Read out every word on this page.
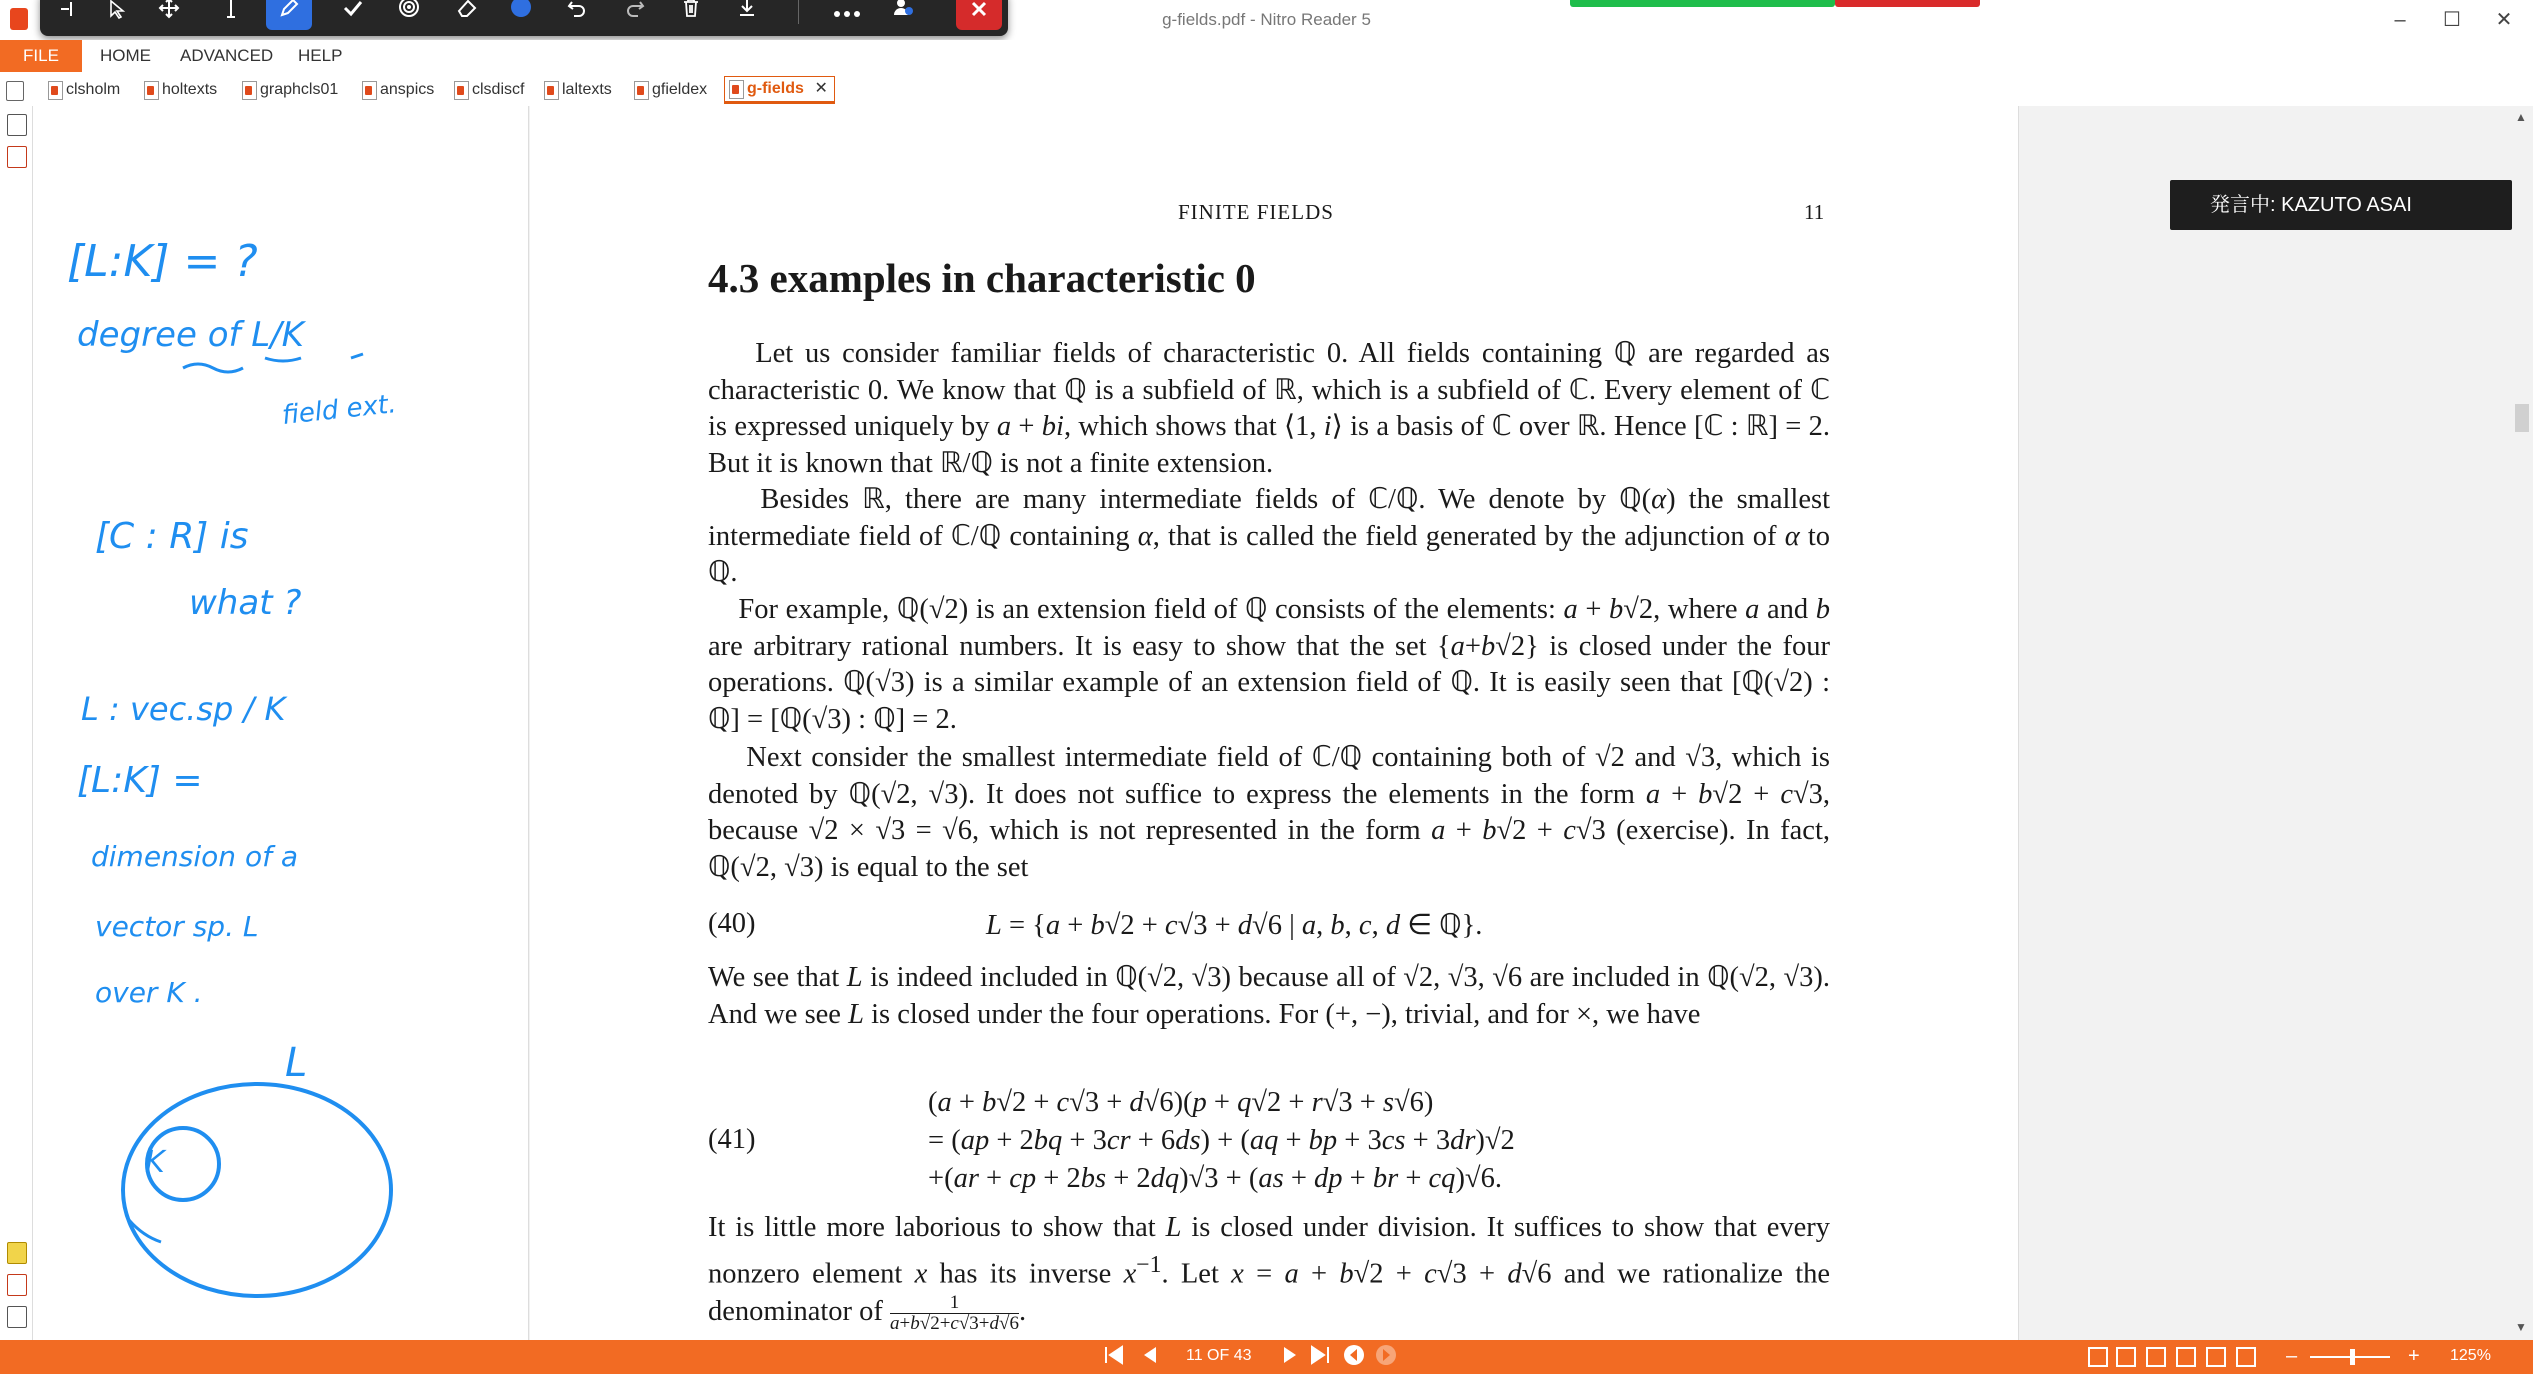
g-fields.pdf - Nitro Reader 5	–	☐	✕
FILE	HOME ADVANCED HELP
clsholm	holtexts	graphcls01	anspics	clsdiscf	laltexts	gfieldex	g-fields ✕
[L:K] = ?
degree of L/K
field ext.
[C : R] is
what ?
L : vec.sp / K
[L:K] =
dimension of a
vector sp. L
over K .
L
K
▲
▼
発言中: KAZUTO ASAI
FINITE FIELDS	11
4.3 examples in characteristic 0
Let us consider familiar fields of characteristic 0. All fields containing ℚ are regarded as characteristic 0. We know that ℚ is a subfield of ℝ, which is a subfield of ℂ. Every element of ℂ is expressed uniquely by a + bi, which shows that ⟨1, i⟩ is a basis of ℂ over ℝ. Hence [ℂ : ℝ] = 2. But it is known that ℝ/ℚ is not a finite extension.
Besides ℝ, there are many intermediate fields of ℂ/ℚ. We denote by ℚ(α) the smallest intermediate field of ℂ/ℚ containing α, that is called the field generated by the adjunction of α to ℚ.
For example, ℚ(√2) is an extension field of ℚ consists of the elements: a + b√2, where a and b are arbitrary rational numbers. It is easy to show that the set {a+b√2} is closed under the four operations. ℚ(√3) is a similar example of an extension field of ℚ. It is easily seen that [ℚ(√2) : ℚ] = [ℚ(√3) : ℚ] = 2.
Next consider the smallest intermediate field of ℂ/ℚ containing both of √2 and √3, which is denoted by ℚ(√2, √3). It does not suffice to express the elements in the form a + b√2 + c√3, because √2 × √3 = √6, which is not represented in the form a + b√2 + c√3 (exercise). In fact, ℚ(√2, √3) is equal to the set
(40)	L = {a + b√2 + c√3 + d√6 | a, b, c, d ∈ ℚ}.
We see that L is indeed included in ℚ(√2, √3) because all of √2, √3, √6 are included in ℚ(√2, √3). And we see L is closed under the four operations. For (+, −), trivial, and for ×, we have
(41)
(a + b√2 + c√3 + d√6)(p + q√2 + r√3 + s√6)
= (ap + 2bq + 3cr + 6ds) + (aq + bp + 3cs + 3dr)√2
+(ar + cp + 2bs + 2dq)√3 + (as + dp + br + cq)√6.
It is little more laborious to show that L is closed under division. It suffices to show that every nonzero element x has its inverse $x^{-1}$. Let x = a + b√2 + c√3 + d√6 and we rationalize the denominator of $\frac{1}{a+b√2+c√3+d√6}$ .
11 OF 43	–	+ 125%
